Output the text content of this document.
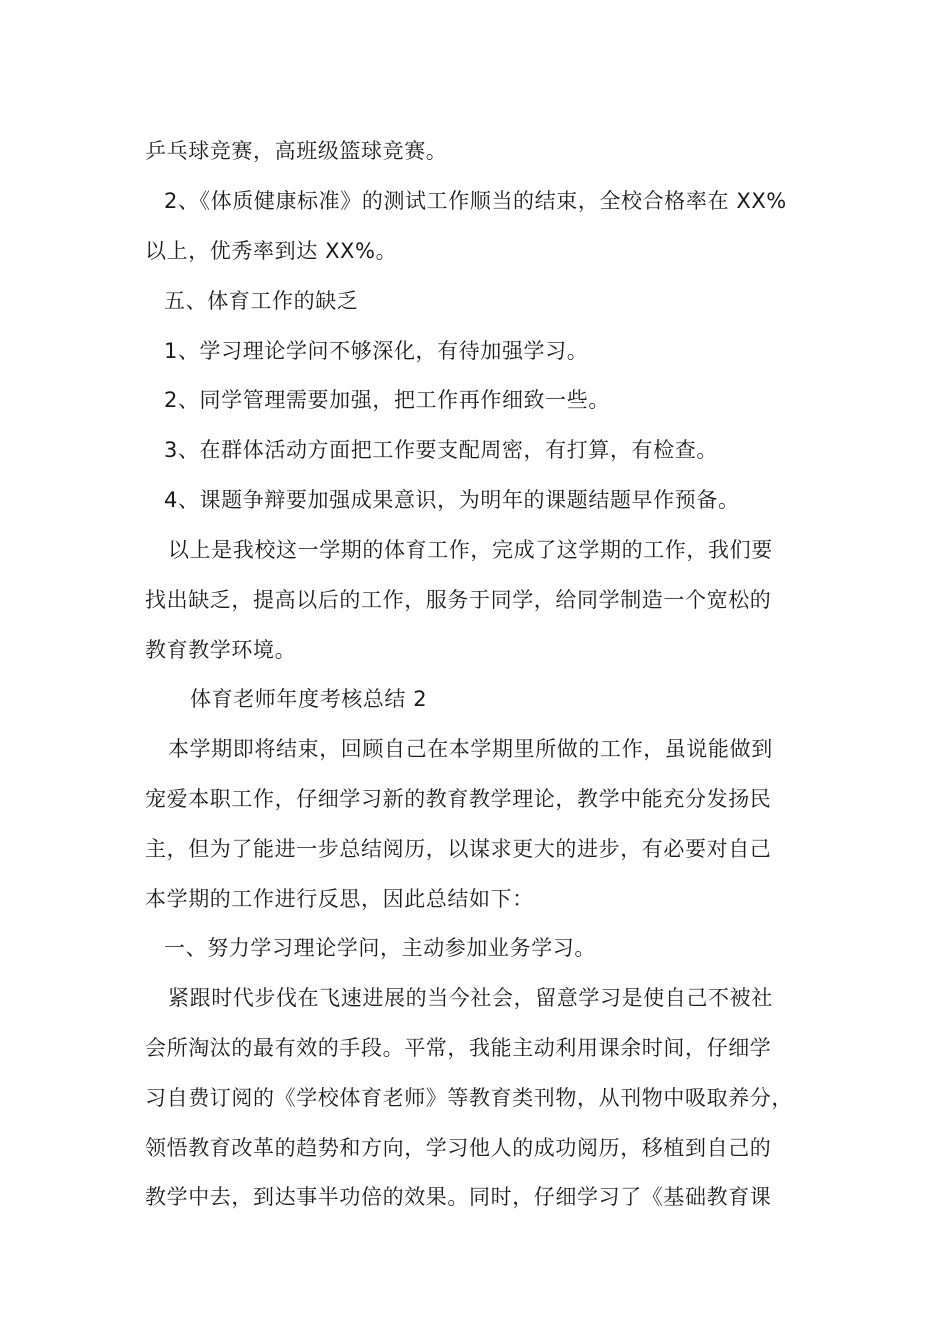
乒乓球竞赛，高班级篮球竞赛。
2、《体质健康标准》的测试工作顺当的结束，全校合格率在 XX%
以上，优秀率到达 XX%。
五、体育工作的缺乏
1、学习理论学问不够深化，有待加强学习。
2、同学管理需要加强，把工作再作细致一些。
3、在群体活动方面把工作要支配周密，有打算，有检查。
4、课题争辩要加强成果意识，为明年的课题结题早作预备。
以上是我校这一学期的体育工作，完成了这学期的工作，我们要
找出缺乏，提高以后的工作，服务于同学，给同学制造一个宽松的
教育教学环境。
体育老师年度考核总结 2
本学期即将结束，回顾自己在本学期里所做的工作，虽说能做到
宠爱本职工作，仔细学习新的教育教学理论，教学中能充分发扬民
主，但为了能进一步总结阅历，以谋求更大的进步，有必要对自己
本学期的工作进行反思，因此总结如下：
一、努力学习理论学问，主动参加业务学习。
紧跟时代步伐在飞速进展的当今社会，留意学习是使自己不被社
会所淘汰的最有效的手段。平常，我能主动利用课余时间，仔细学
习自费订阅的《学校体育老师》等教育类刊物，从刊物中吸取养分，
领悟教育改革的趋势和方向，学习他人的成功阅历，移植到自己的
教学中去，到达事半功倍的效果。同时，仔细学习了《基础教育课
